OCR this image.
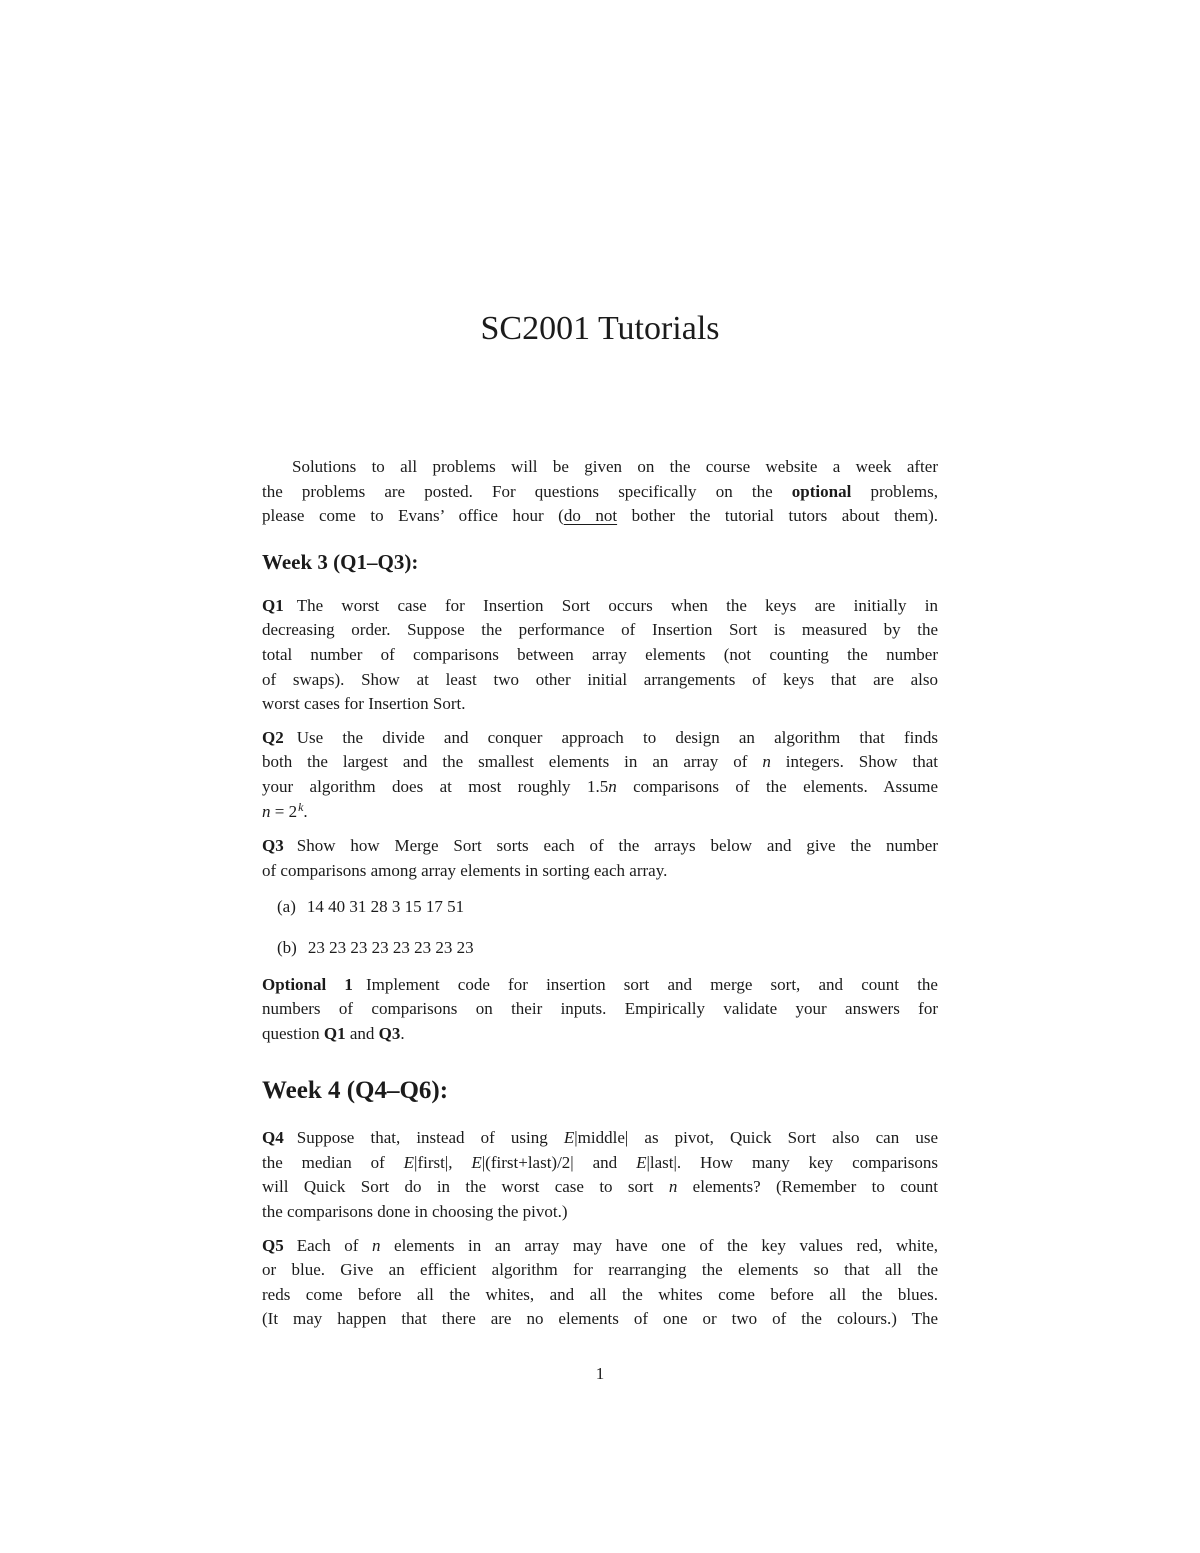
SC2001 Tutorials
Solutions to all problems will be given on the course website a week after
the problems are posted. For questions specifically on the optional problems,
please come to Evans’ office hour (do not bother the tutorial tutors about them).
Week 3 (Q1–Q3):
Q1 The worst case for Insertion Sort occurs when the keys are initially in
decreasing order. Suppose the performance of Insertion Sort is measured by the
total number of comparisons between array elements (not counting the number
of swaps). Show at least two other initial arrangements of keys that are also
worst cases for Insertion Sort.
Q2 Use the divide and conquer approach to design an algorithm that finds
both the largest and the smallest elements in an array of n integers. Show that
your algorithm does at most roughly 1.5n comparisons of the elements. Assume
$n = 2^k$.
Q3 Show how Merge Sort sorts each of the arrays below and give the number
of comparisons among array elements in sorting each array.
(a) 14 40 31 28 3 15 17 51
(b) 23 23 23 23 23 23 23 23
Optional 1 Implement code for insertion sort and merge sort, and count the
numbers of comparisons on their inputs. Empirically validate your answers for
question Q1 and Q3.
Week 4 (Q4–Q6):
Q4 Suppose that, instead of using E|middle| as pivot, Quick Sort also can use
the median of E|first|, E|(first+last)/2| and E|last|. How many key comparisons
will Quick Sort do in the worst case to sort n elements? (Remember to count
the comparisons done in choosing the pivot.)
Q5 Each of n elements in an array may have one of the key values red, white,
or blue. Give an efficient algorithm for rearranging the elements so that all the
reds come before all the whites, and all the whites come before all the blues.
(It may happen that there are no elements of one or two of the colours.) The
1
